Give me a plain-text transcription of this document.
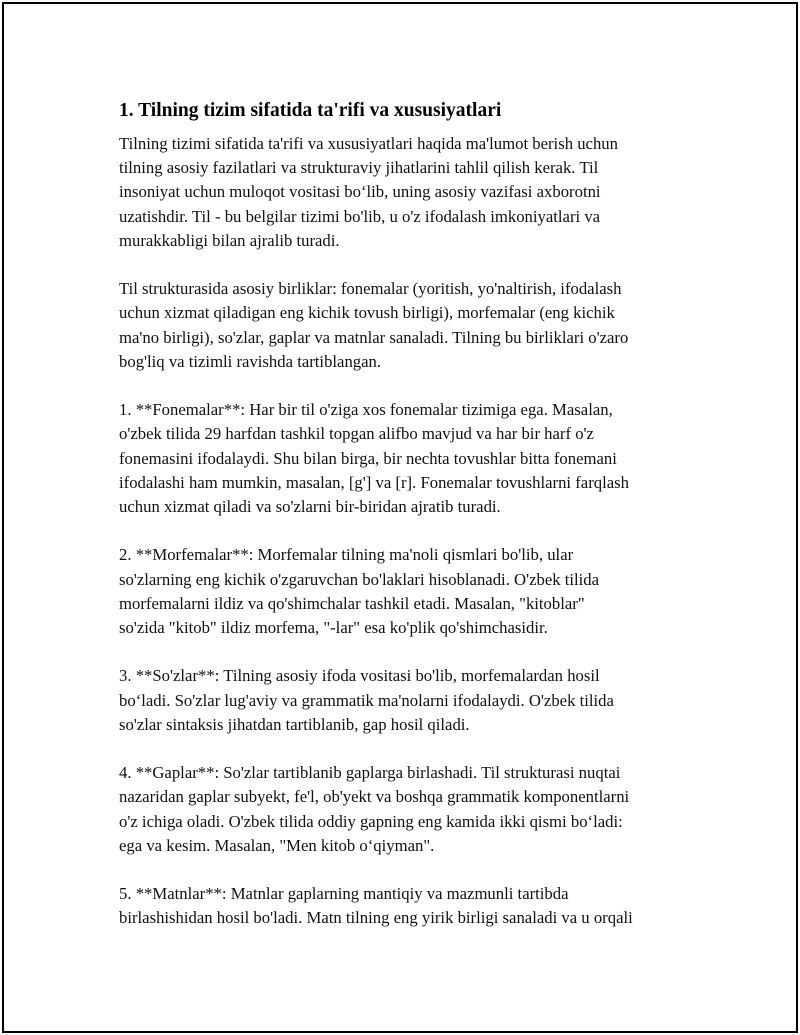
1. Tilning tizim sifatida ta'rifi va xususiyatlari

Tilning tizimi sifatida ta'rifi va xususiyatlari haqida ma'lumot berish uchun
tilning asosiy fazilatlari va strukturaviy jihatlarini tahlil qilish kerak. Til
insoniyat uchun muloqot vositasi bo‘lib, uning asosiy vazifasi axborotni
uzatishdir. Til - bu belgilar tizimi bo'lib, u o'z ifodalash imkoniyatlari va
murakkabligi bilan ajralib turadi.

Til strukturasida asosiy birliklar: fonemalar (yoritish, yo'naltirish, ifodalash
uchun xizmat qiladigan eng kichik tovush birligi), morfemalar (eng kichik
ma'no birligi), so'zlar, gaplar va matnlar sanaladi. Tilning bu birliklari o'zaro
bog'liq va tizimli ravishda tartiblangan.

1. **Fonemalar**: Har bir til o'ziga xos fonemalar tizimiga ega. Masalan,
o'zbek tilida 29 harfdan tashkil topgan alifbo mavjud va har bir harf o'z
fonemasini ifodalaydi. Shu bilan birga, bir nechta tovushlar bitta fonemani
ifodalashi ham mumkin, masalan, [g'] va [r]. Fonemalar tovushlarni farqlash
uchun xizmat qiladi va so'zlarni bir-biridan ajratib turadi.

2. **Morfemalar**: Morfemalar tilning ma'noli qismlari bo'lib, ular
so'zlarning eng kichik o'zgaruvchan bo'laklari hisoblanadi. O'zbek tilida
morfemalarni ildiz va qo'shimchalar tashkil etadi. Masalan, "kitoblar"
so'zida "kitob" ildiz morfema, "-lar" esa ko'plik qo'shimchasidir.

3. **So'zlar**: Tilning asosiy ifoda vositasi bo'lib, morfemalardan hosil
bo‘ladi. So'zlar lug'aviy va grammatik ma'nolarni ifodalaydi. O'zbek tilida
so'zlar sintaksis jihatdan tartiblanib, gap hosil qiladi.

4. **Gaplar**: So'zlar tartiblanib gaplarga birlashadi. Til strukturasi nuqtai
nazaridan gaplar subyekt, fe'l, ob'yekt va boshqa grammatik komponentlarni
o'z ichiga oladi. O'zbek tilida oddiy gapning eng kamida ikki qismi bo‘ladi:
ega va kesim. Masalan, "Men kitob o‘qiyman".

5. **Matnlar**: Matnlar gaplarning mantiqiy va mazmunli tartibda
birlashishidan hosil bo'ladi. Matn tilning eng yirik birligi sanaladi va u orqali
